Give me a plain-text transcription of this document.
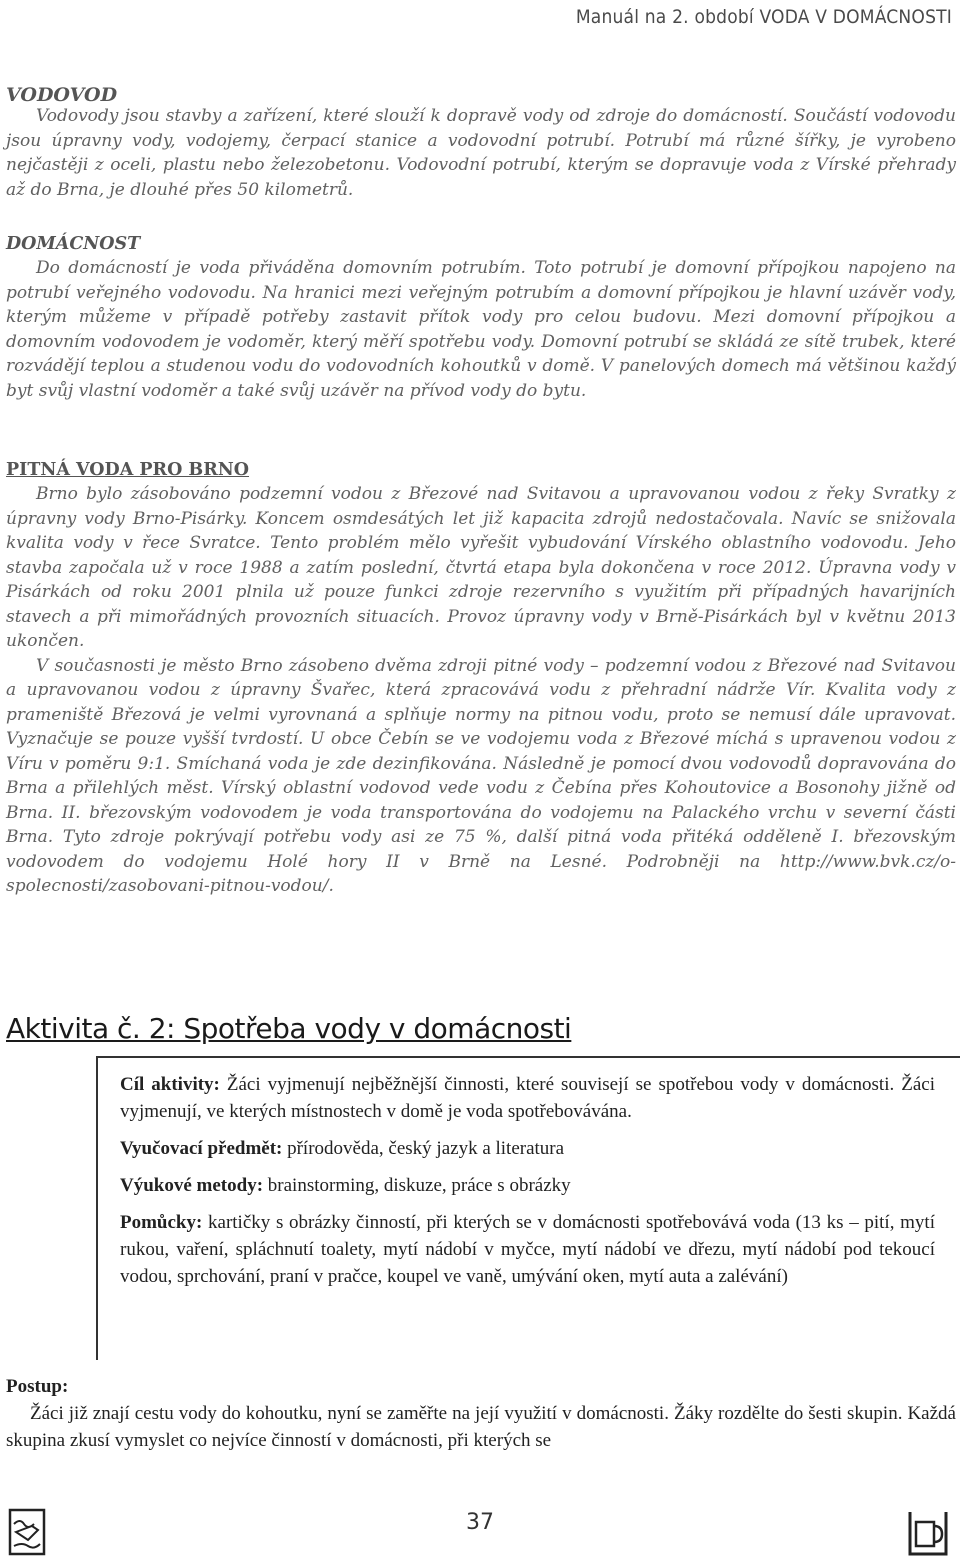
Manuál na 2. období VODA V DOMÁCNOSTI
VODOVOD

Vodovody jsou stavby a zařízení, které slouží k dopravě vody od zdroje do domácností. Součástí vodovodu jsou úpravny vody, vodojemy, čerpací stanice a vodovodní potrubí. Potrubí má různé šířky, je vyrobeno nejčastěji z oceli, plastu nebo železobetonu. Vodovodní potrubí, kterým se dopravuje voda z Vírské přehrady až do Brna, je dlouhé přes 50 kilometrů.

DOMÁCNOST

Do domácností je voda přiváděna domovním potrubím. Toto potrubí je domovní přípojkou napojeno na potrubí veřejného vodovodu. Na hranici mezi veřejným potrubím a domovní přípojkou je hlavní uzávěr vody, kterým můžeme v případě potřeby zastavit přítok vody pro celou budovu. Mezi domovní přípojkou a domovním vodovodem je vodoměr, který měří spotřebu vody. Domovní potrubí se skládá ze sítě trubek, které rozvádějí teplou a studenou vodu do vodovodních kohoutků v domě. V panelových domech má většinou každý byt svůj vlastní vodoměr a také svůj uzávěr na přívod vody do bytu.

PITNÁ VODA PRO BRNO

Brno bylo zásobováno podzemní vodou z Březové nad Svitavou a upravovanou vodou z řeky Svratky z úpravny vody Brno-Pisárky. Koncem osmdesátých let již kapacita zdrojů nedostačovala. Navíc se snižovala kvalita vody v řece Svratce. Tento problém mělo vyřešit vybudování Vírského oblastního vodovodu. Jeho stavba započala už v roce 1988 a zatím poslední, čtvrtá etapa byla dokončena v roce 2012. Úpravna vody v Pisárkách od roku 2001 plnila už pouze funkci zdroje rezervního s využitím při případných havarijních stavech a při mimořádných provozních situacích. Provoz úpravny vody v Brně-Pisárkách byl v květnu 2013 ukončen.

V současnosti je město Brno zásobeno dvěma zdroji pitné vody – podzemní vodou z Březové nad Svitavou a upravovanou vodou z úpravny Švařec, která zpracovává vodu z přehradní nádrže Vír. Kvalita vody z prameniště Březová je velmi vyrovnaná a splňuje normy na pitnou vodu, proto se nemusí dále upravovat. Vyznačuje se pouze vyšší tvrdostí. U obce Čebín se ve vodojemu voda z Březové míchá s upravenou vodou z Víru v poměru 9:1. Smíchaná voda je zde dezinfikována. Následně je pomocí dvou vodovodů dopravována do Brna a přilehlých měst. Vírský oblastní vodovod vede vodu z Čebína přes Kohoutovice a Bosonohy jižně od Brna. II. březovským vodovodem je voda transportována do vodojemu na Palackého vrchu v severní části Brna. Tyto zdroje pokrývají potřebu vody asi ze 75 %, další pitná voda přitéká odděleně I. březovským vodovodem do vodojemu Holé hory II v Brně na Lesné. Podrobněji na http://www.bvk.cz/o-spolecnosti/zasobovani-pitnou-vodou/.

Aktivita č. 2: Spotřeba vody v domácnosti

Cíl aktivity: Žáci vyjmenují nejběžnější činnosti, které souvisejí se spotřebou vody v domácnosti. Žáci vyjmenují, ve kterých místnostech v domě je voda spotřebovávána.

Vyučovací předmět: přírodověda, český jazyk a literatura

Výukové metody: brainstorming, diskuze, práce s obrázky

Pomůcky: kartičky s obrázky činností, při kterých se v domácnosti spotřebovává voda (13 ks – pití, mytí rukou, vaření, spláchnutí toalety, mytí nádobí v myčce, mytí nádobí ve dřezu, mytí nádobí pod tekoucí vodou, sprchování, praní v pračce, koupel ve vaně, umývání oken, mytí auta a zalévání)

Postup:

Žáci již znají cestu vody do kohoutku, nyní se zaměřte na její využití v domácnosti. Žáky rozdělte do šesti skupin. Každá skupina zkusí vymyslet co nejvíce činností v domácnosti, při kterých se

37
